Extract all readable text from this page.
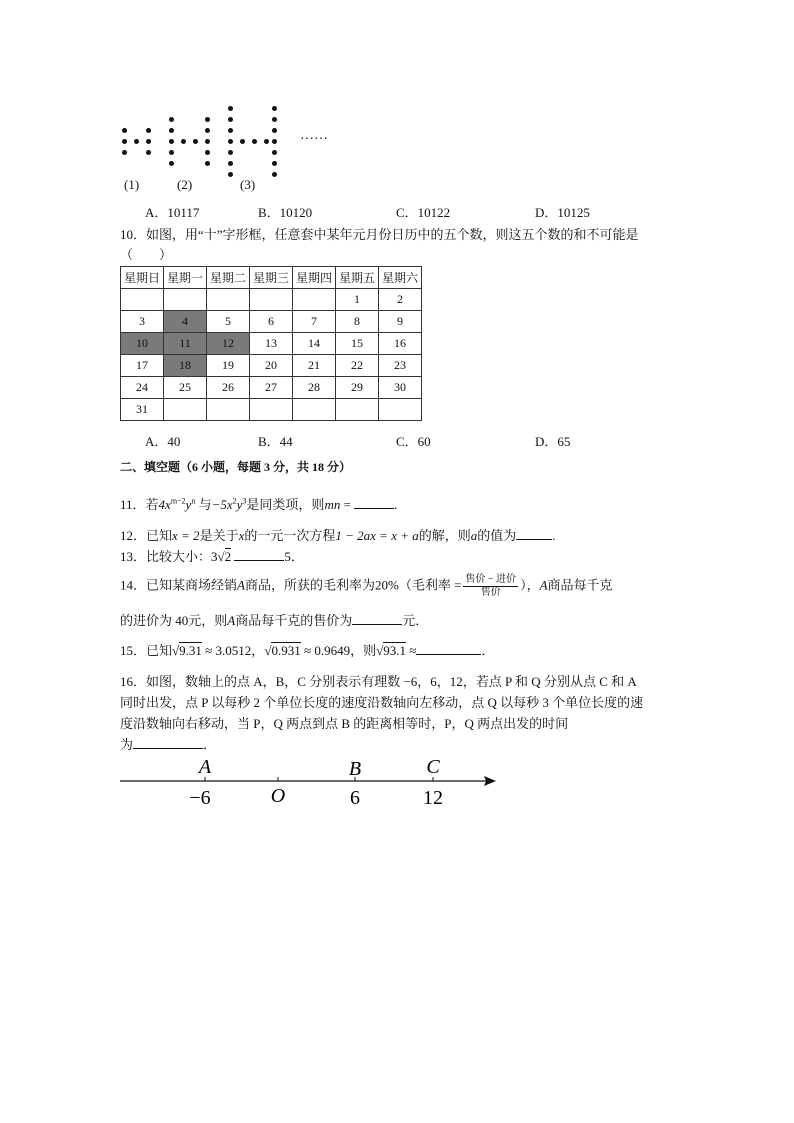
……
(1)	(2)	(3)
A．10117	B．10120	C．10122	D．10125
10．如图，用“十”字形框，任意套中某年元月份日历中的五个数，则这五个数的和不可能是
（　　）
星期日	星期一	星期二	星期三	星期四	星期五	星期六
					1	2
3	4	5	6	7	8	9
10	11	12	13	14	15	16
17	18	19	20	21	22	23
24	25	26	27	28	29	30
31						
A．40	B．44	C．60	D．65
二、填空题（6 小题，每题 3 分，共 18 分）
11．若$4x^{m-2}y^n$ 与$-5x^2y^3$是同类项，则mn =	.
12．已知x = 2是关于x的一元一次方程1 − 2ax = x + a的解，则a的值为	.
13．比较大小：3√2	5．
14．已知某商场经销A商品，所获的毛利率为20%（毛利率 = $\frac{\text{售价 − 进价}}{\text{售价}}$ ），A商品每千克
的进价为 40元，则A商品每千克的售价为	元．
15．已知√9.31 ≈ 3.0512，√0.931 ≈ 0.9649，则√93.1 ≈	．
16．如图，数轴上的点 A，B，C 分别表示有理数 −6，6，12，若点 P 和 Q 分别从点 C 和 A
同时出发，点 P 以每秒 2 个单位长度的速度沿数轴向左移动，点 Q 以每秒 3 个单位长度的速
度沿数轴向右移动，当 P，Q 两点到点 B 的距离相等时，P，Q 两点出发的时间
为	．
A	B	C
−6	O	6	12
